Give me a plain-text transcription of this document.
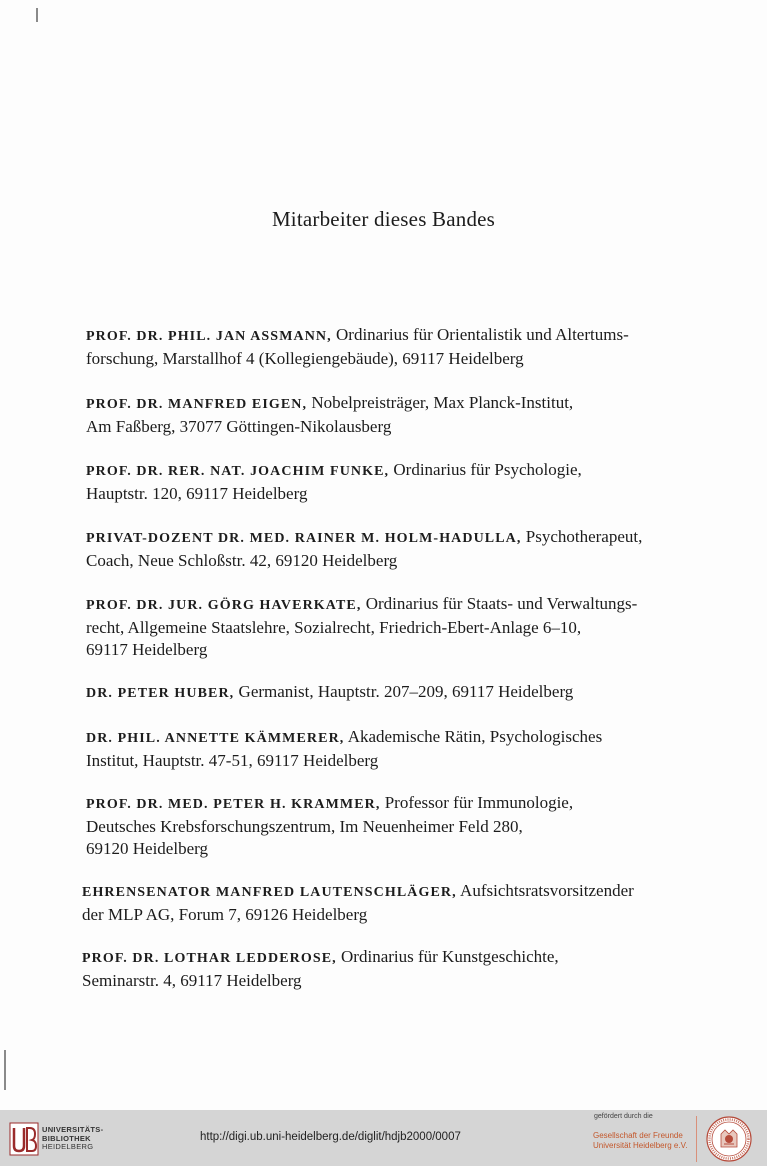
Mitarbeiter dieses Bandes
PROF. DR. PHIL. JAN ASSMANN, Ordinarius für Orientalistik und Altertums-
forschung, Marstallhof 4 (Kollegiengebäude), 69117 Heidelberg
PROF. DR. MANFRED EIGEN, Nobelpreisträger, Max Planck-Institut,
Am Faßberg, 37077 Göttingen-Nikolausberg
PROF. DR. RER. NAT. JOACHIM FUNKE, Ordinarius für Psychologie,
Hauptstr. 120, 69117 Heidelberg
PRIVAT-DOZENT DR. MED. RAINER M. HOLM-HADULLA, Psychotherapeut,
Coach, Neue Schloßstr. 42, 69120 Heidelberg
PROF. DR. JUR. GÖRG HAVERKATE, Ordinarius für Staats- und Verwaltungs-
recht, Allgemeine Staatslehre, Sozialrecht, Friedrich-Ebert-Anlage 6–10,
69117 Heidelberg
DR. PETER HUBER, Germanist, Hauptstr. 207–209, 69117 Heidelberg
DR. PHIL. ANNETTE KÄMMERER, Akademische Rätin, Psychologisches
Institut, Hauptstr. 47-51, 69117 Heidelberg
PROF. DR. MED. PETER H. KRAMMER, Professor für Immunologie,
Deutsches Krebsforschungszentrum, Im Neuenheimer Feld 280,
69120 Heidelberg
EHRENSENATOR MANFRED LAUTENSCHLÄGER, Aufsichtsratsvorsitzender
der MLP AG, Forum 7, 69126 Heidelberg
PROF. DR. LOTHAR LEDDEROSE, Ordinarius für Kunstgeschichte,
Seminarstr. 4, 69117 Heidelberg
UNIVERSITÄTS-
BIBLIOTHEK
HEIDELBERG
http://digi.ub.uni-heidelberg.de/diglit/hdjb2000/0007
gefördert durch die
Gesellschaft der Freunde
Universität Heidelberg e.V.
